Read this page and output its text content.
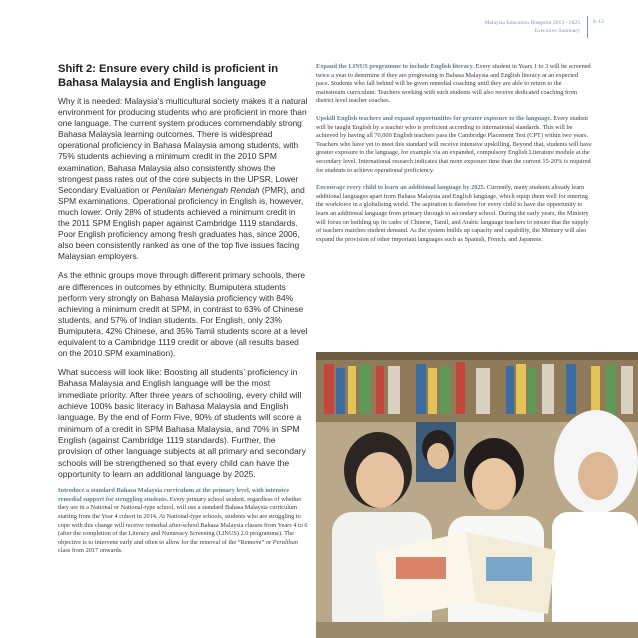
Malaysia Education Blueprint 2013 - 2025
Executive Summary
E-12
Shift 2: Ensure every child is proficient in Bahasa Malaysia and English language

Why it is needed: Malaysia’s multicultural society makes it a natural environment for producing students who are proficient in more than one language. The current system produces commendably strong Bahasa Malaysia learning outcomes. There is widespread operational proficiency in Bahasa Malaysia among students, with 75% students achieving a minimum credit in the 2010 SPM examination. Bahasa Malaysia also consistently shows the strongest pass rates out of the core subjects in the UPSR, Lower Secondary Evaluation or Penilaian Menengah Rendah (PMR), and SPM examinations. Operational proficiency in English is, however, much lower. Only 28% of students achieved a minimum credit in the 2011 SPM English paper against Cambridge 1119 standards. Poor English proficiency among fresh graduates has, since 2006, also been consistently ranked as one of the top five issues facing Malaysian employers.

As the ethnic groups move through different primary schools, there are differences in outcomes by ethnicity. Bumiputera students perform very strongly on Bahasa Malaysia proficiency with 84% achieving a minimum credit at SPM, in contrast to 63% of Chinese students, and 57% of Indian students. For English, only 23% Bumiputera, 42% Chinese, and 35% Tamil students score at a level equivalent to a Cambridge 1119 credit or above (all results based on the 2010 SPM examination).

What success will look like: Boosting all students’ proficiency in Bahasa Malaysia and English language will be the most immediate priority. After three years of schooling, every child will achieve 100% basic literacy in Bahasa Malaysia and English language. By the end of Form Five, 90% of students will score a minimum of a credit in SPM Bahasa Malaysia, and 70% in SPM English (against Cambridge 1119 standards). Further, the provision of other language subjects at all primary and secondary schools will be strengthened so that every child can have the opportunity to learn an additional language by 2025.

Introduce a standard Bahasa Malaysia curriculum at the primary level, with intensive remedial support for struggling students. Every primary school student, regardless of whether they are in a National or National-type school, will use a standard Bahasa Malaysia curriculum starting from the Year 4 cohort in 2014. At National-type schools, students who are struggling to cope with this change will receive remedial after-school Bahasa Malaysia classes from Years 4 to 6 (after the completion of the Literacy and Numeracy Screening (LINUS) 2.0 programme). The objective is to intervene early and often to allow for the removal of the “Remove” or Peralihan class from 2017 onwards.

Expand the LINUS programme to include English literacy. Every student in Years 1 to 3 will be screened twice a year to determine if they are progressing in Bahasa Malaysia and English literacy at an expected pace. Students who fall behind will be given remedial coaching until they are able to return to the mainstream curriculum. Teachers working with such students will also receive dedicated coaching from district level teacher coaches.

Upskill English teachers and expand opportunities for greater exposure to the language. Every student will be taught English by a teacher who is proficient according to international standards. This will be achieved by having all 70,000 English teachers pass the Cambridge Placement Test (CPT) within two years. Teachers who have yet to meet this standard will receive intensive upskilling. Beyond that, students will have greater exposure to the language, for example via an expanded, compulsory English Literature module at the secondary level. International research indicates that more exposure time than the current 15-20% is required for students to achieve operational proficiency.

Encourage every child to learn an additional language by 2025. Currently, many students already learn additional languages apart from Bahasa Malaysia and English language, which equip them well for entering the workforce in a globalising world. The aspiration is therefore for every child to have the opportunity to learn an additional language from primary through to secondary school. During the early years, the Ministry will focus on building up its cadre of Chinese, Tamil, and Arabic language teachers to ensure that the supply of teachers matches student demand. As the system builds up capacity and capability, the Ministry will also expand the provision of other important languages such as Spanish, French, and Japanese.
